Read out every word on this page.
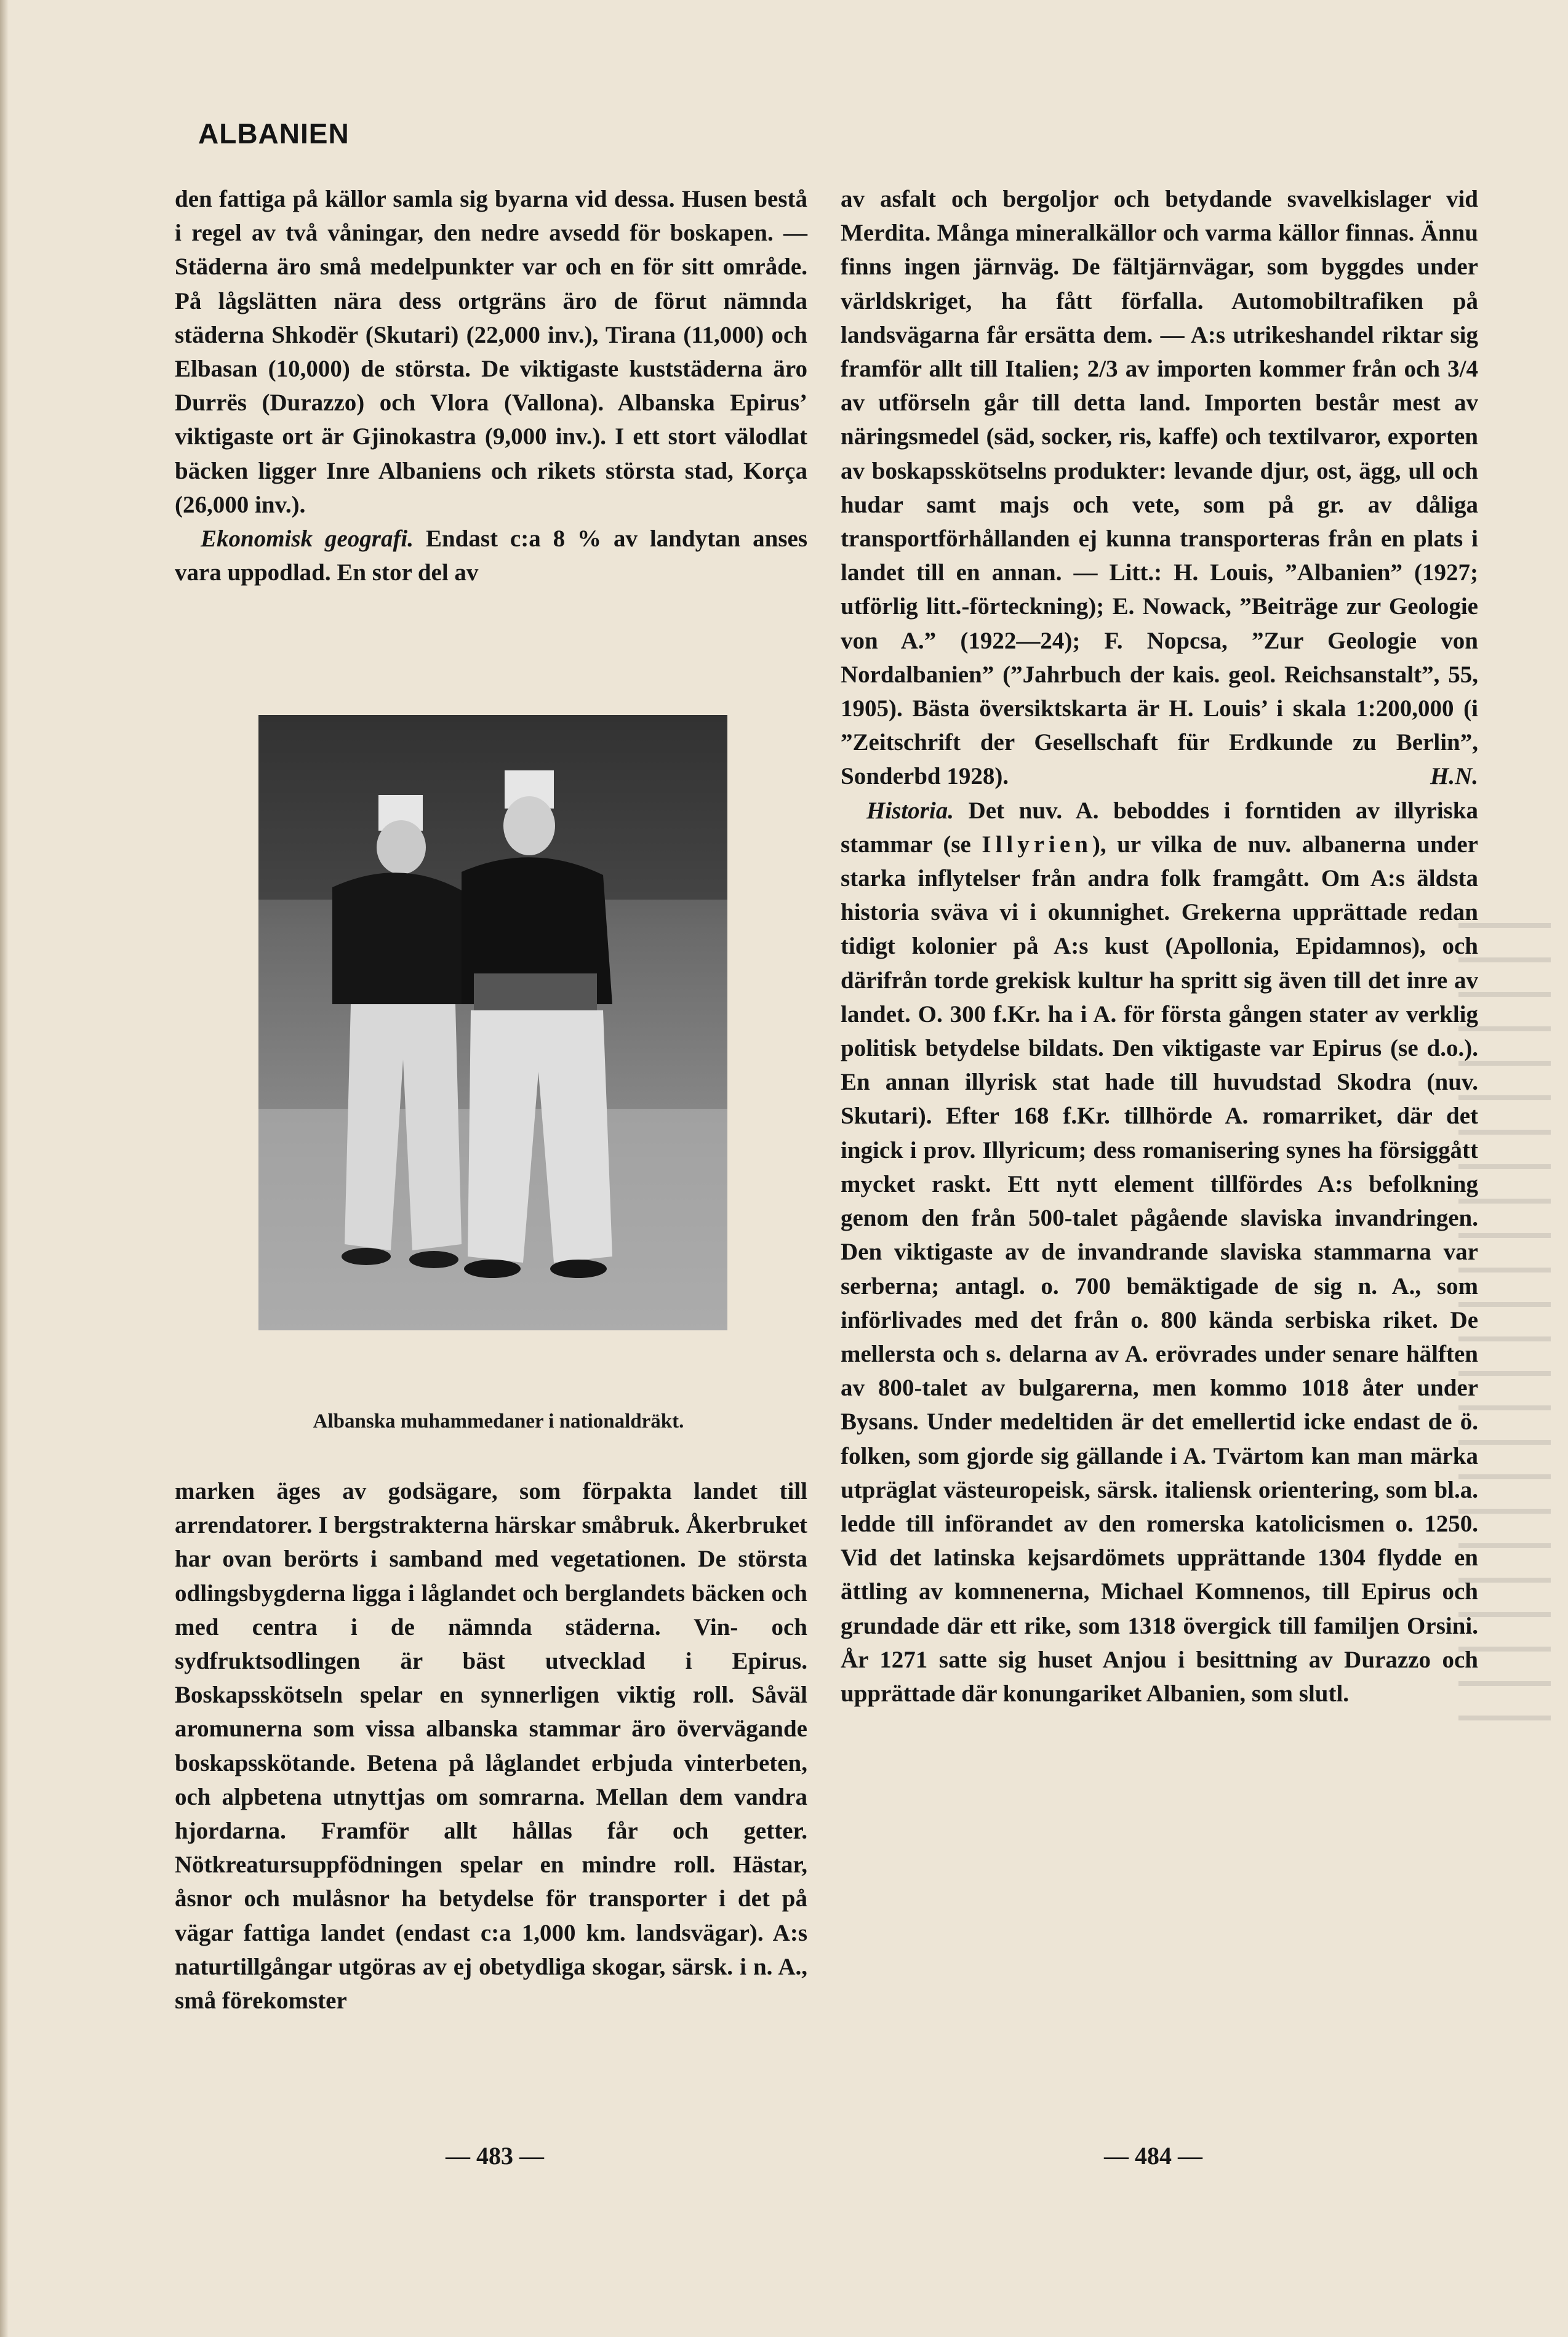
ALBANIEN

den fattiga på källor samla sig byarna vid dessa. Husen bestå i regel av två våningar, den nedre avsedd för boskapen. — Städerna äro små medelpunkter var och en för sitt område. På lågslätten nära dess ortgräns äro de förut nämnda städerna Shkodër (Skutari) (22,000 inv.), Tirana (11,000) och Elbasan (10,000) de största. De viktigaste kuststäderna äro Durrës (Durazzo) och Vlora (Vallona). Albanska Epirus’ viktigaste ort är Gjinokastra (9,000 inv.). I ett stort välodlat bäcken ligger Inre Albaniens och rikets största stad, Korça (26,000 inv.).

Ekonomisk geografi. Endast c:a 8 % av landytan anses vara uppodlad. En stor del av

Albanska muhammedaner i nationaldräkt.

marken äges av godsägare, som förpakta landet till arrendatorer. I bergstrakterna härskar småbruk. Åkerbruket har ovan berörts i samband med vegetationen. De största odlingsbygderna ligga i låglandet och berglandets bäcken och med centra i de nämnda städerna. Vin- och sydfruktsodlingen är bäst utvecklad i Epirus. Boskapsskötseln spelar en synnerligen viktig roll. Såväl aromunerna som vissa albanska stammar äro övervägande boskapsskötande. Betena på låglandet erbjuda vinterbeten, och alpbetena utnyttjas om somrarna. Mellan dem vandra hjordarna. Framför allt hållas får och getter. Nötkreatursuppfödningen spelar en mindre roll. Hästar, åsnor och mulåsnor ha betydelse för transporter i det på vägar fattiga landet (endast c:a 1,000 km. landsvägar). A:s naturtillgångar utgöras av ej obetydliga skogar, särsk. i n. A., små förekomster

av asfalt och bergoljor och betydande svavelkislager vid Merdita. Många mineralkällor och varma källor finnas. Ännu finns ingen järnväg. De fältjärnvägar, som byggdes under världskriget, ha fått förfalla. Automobiltrafiken på landsvägarna får ersätta dem. — A:s utrikeshandel riktar sig framför allt till Italien; 2/3 av importen kommer från och 3/4 av utförseln går till detta land. Importen består mest av näringsmedel (säd, socker, ris, kaffe) och textilvaror, exporten av boskapsskötselns produkter: levande djur, ost, ägg, ull och hudar samt majs och vete, som på gr. av dåliga transportförhållanden ej kunna transporteras från en plats i landet till en annan. — Litt.: H. Louis, ”Albanien” (1927; utförlig litt.-förteckning); E. Nowack, ”Beiträge zur Geologie von A.” (1922—24); F. Nopcsa, ”Zur Geologie von Nordalbanien” (”Jahrbuch der kais. geol. Reichsanstalt”, 55, 1905). Bästa översiktskarta är H. Louis’ i skala 1:200,000 (i ”Zeitschrift der Gesellschaft für Erdkunde zu Berlin”, Sonderbd 1928).	H.N.

Historia. Det nuv. A. beboddes i forntiden av illyriska stammar (se Illyrien), ur vilka de nuv. albanerna under starka inflytelser från andra folk framgått. Om A:s äldsta historia sväva vi i okunnighet. Grekerna upprättade redan tidigt kolonier på A:s kust (Apollonia, Epidamnos), och därifrån torde grekisk kultur ha spritt sig även till det inre av landet. O. 300 f.Kr. ha i A. för första gången stater av verklig politisk betydelse bildats. Den viktigaste var Epirus (se d.o.). En annan illyrisk stat hade till huvudstad Skodra (nuv. Skutari). Efter 168 f.Kr. tillhörde A. romarriket, där det ingick i prov. Illyricum; dess romanisering synes ha försiggått mycket raskt. Ett nytt element tillfördes A:s befolkning genom den från 500-talet pågående slaviska invandringen. Den viktigaste av de invandrande slaviska stammarna var serberna; antagl. o. 700 bemäktigade de sig n. A., som införlivades med det från o. 800 kända serbiska riket. De mellersta och s. delarna av A. erövrades under senare hälften av 800-talet av bulgarerna, men kommo 1018 åter under Bysans. Under medeltiden är det emellertid icke endast de ö. folken, som gjorde sig gällande i A. Tvärtom kan man märka utpräglat västeuropeisk, särsk. italiensk orientering, som bl.a. ledde till införandet av den romerska katolicismen o. 1250. Vid det latinska kejsardömets upprättande 1304 flydde en ättling av komnenerna, Michael Komnenos, till Epirus och grundade där ett rike, som 1318 övergick till familjen Orsini. År 1271 satte sig huset Anjou i besittning av Durazzo och upprättade där konungariket Albanien, som slutl.

— 483 —	— 484 —
